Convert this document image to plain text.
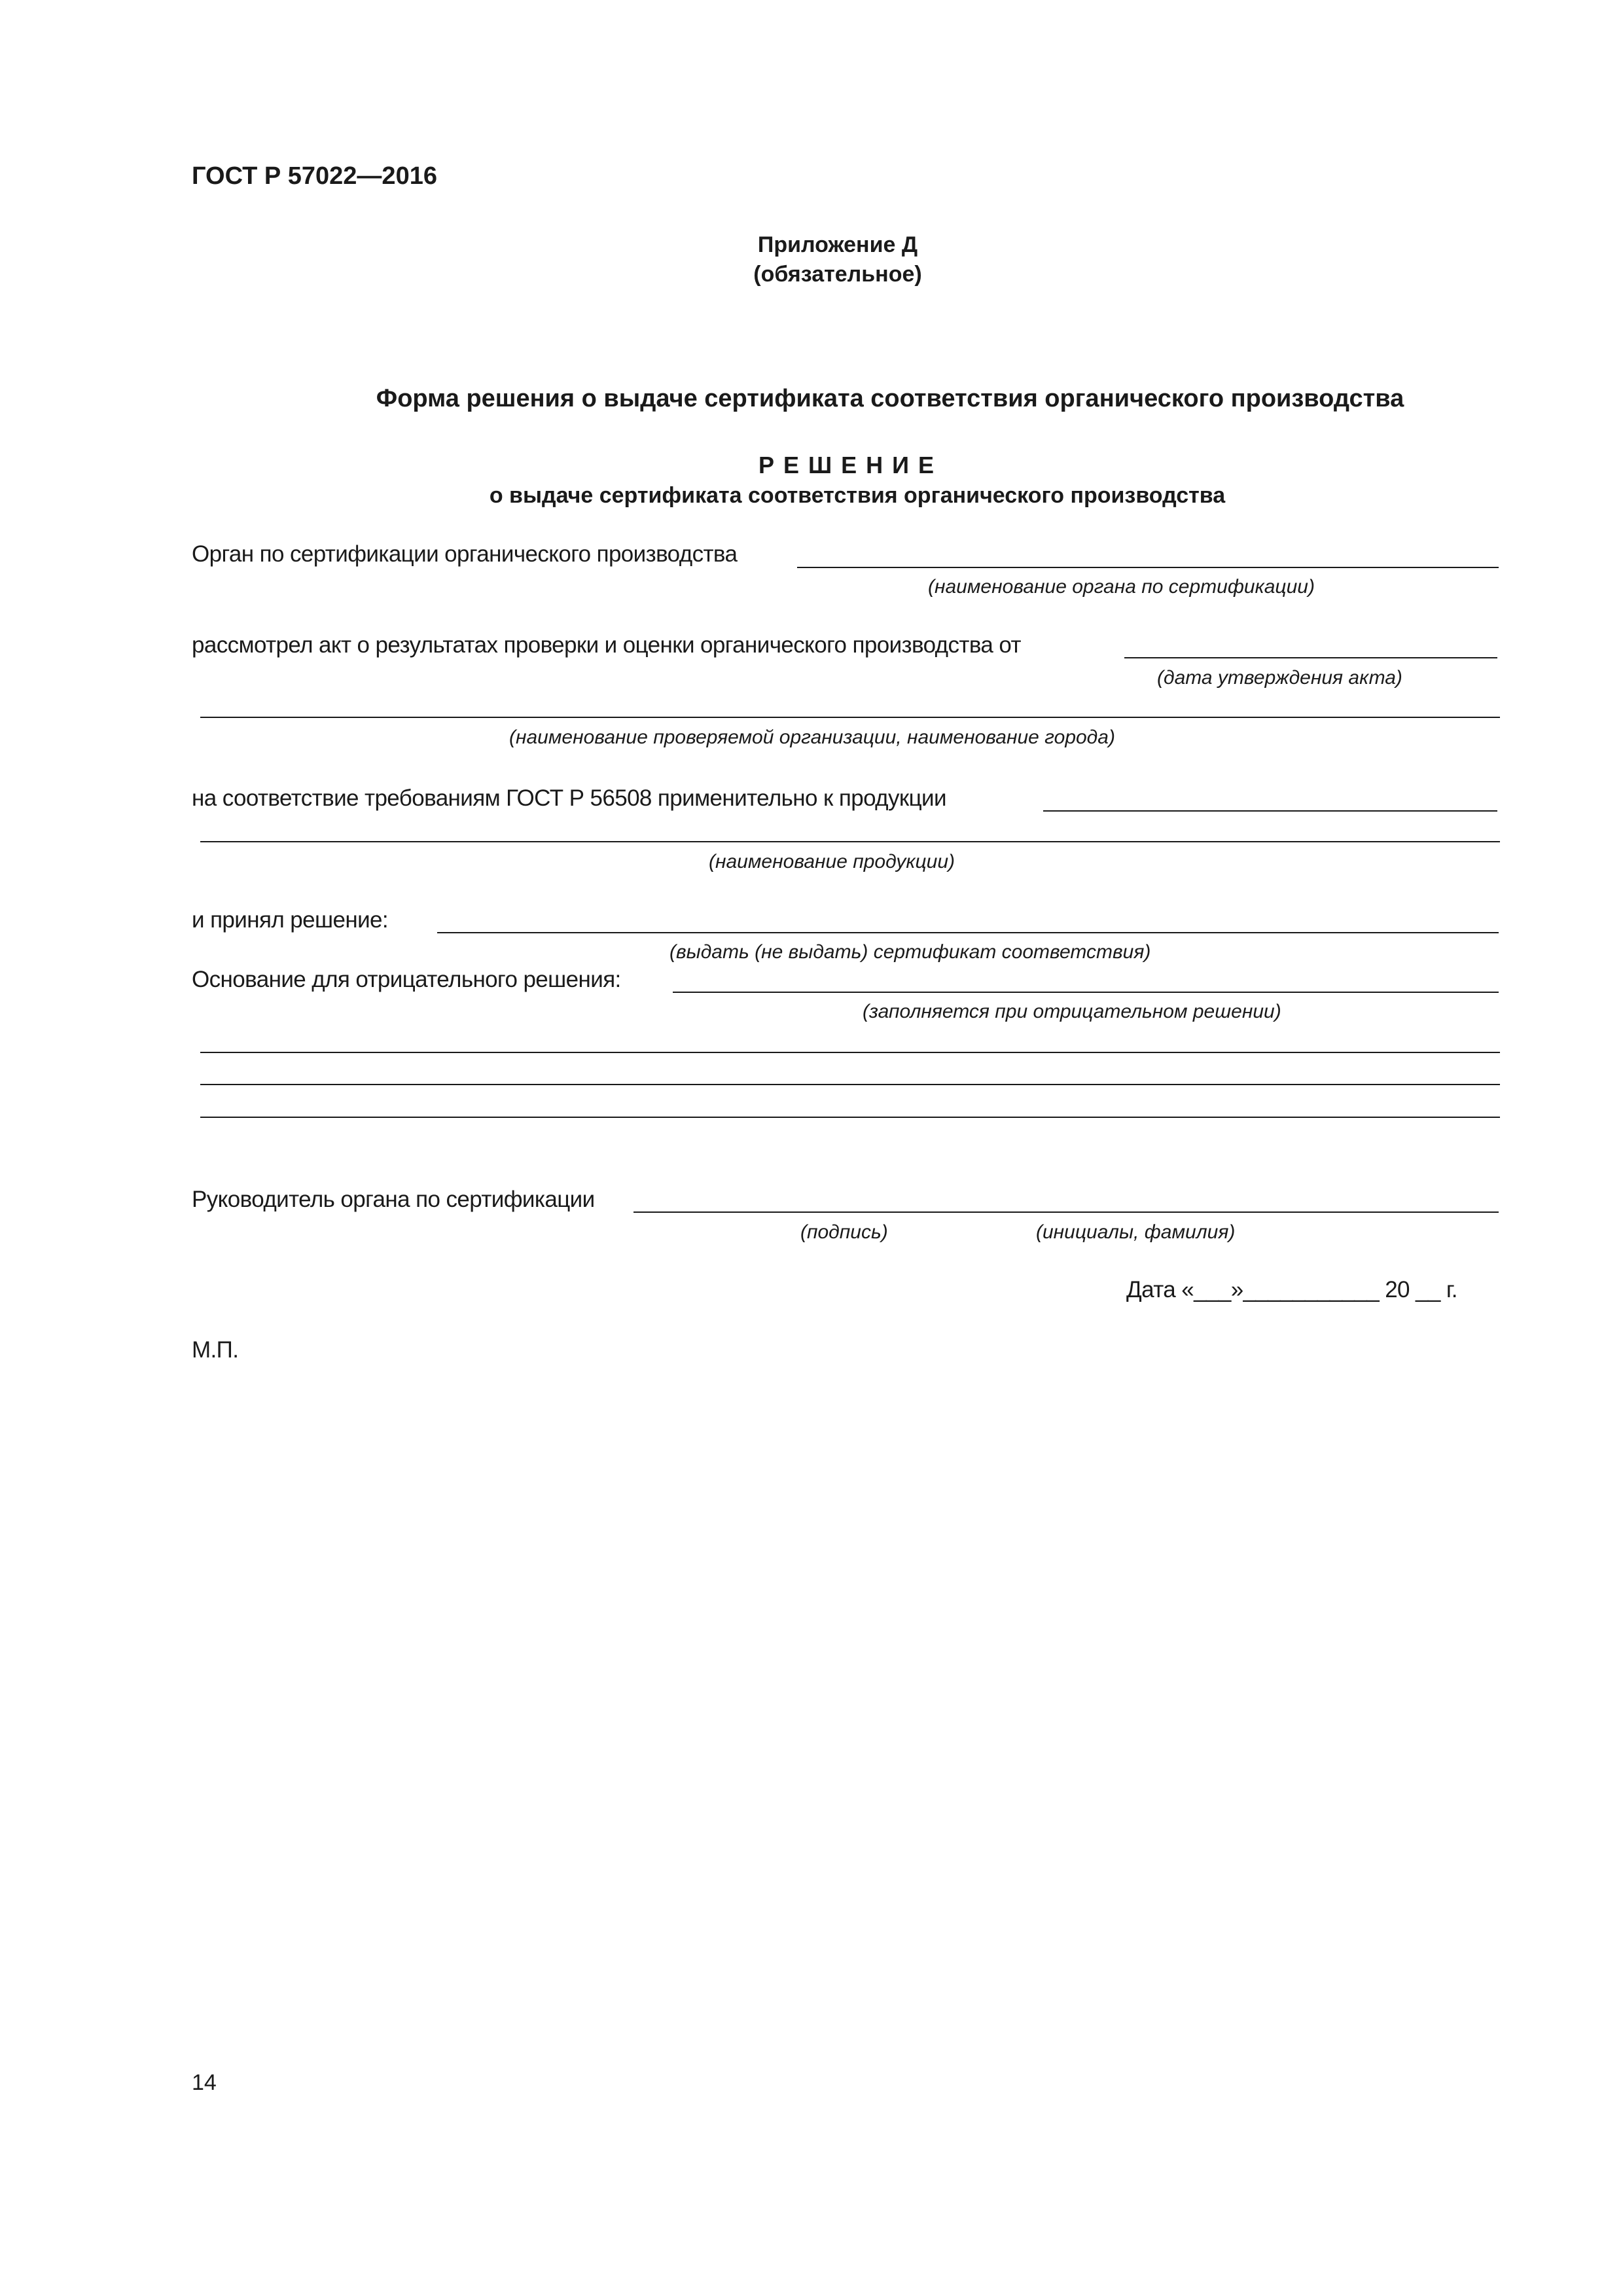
ГОСТ Р 57022—2016
Приложение Д
(обязательное)
Форма решения о выдаче сертификата соответствия органического производства
РЕШЕНИЕ
о выдаче сертификата соответствия органического производства
Орган по сертификации органического производства
(наименование органа по сертификации)
рассмотрел акт о результатах проверки и оценки органического производства от
(дата утверждения акта)
(наименование проверяемой организации, наименование города)
на соответствие требованиям ГОСТ Р 56508 применительно к продукции
(наименование продукции)
и принял решение:
(выдать (не выдать) сертификат соответствия)
Основание для отрицательного решения:
(заполняется при отрицательном решении)
Руководитель органа по сертификации
(подпись)	(инициалы, фамилия)
Дата «___»___________ 20 __ г.
М.П.
14
